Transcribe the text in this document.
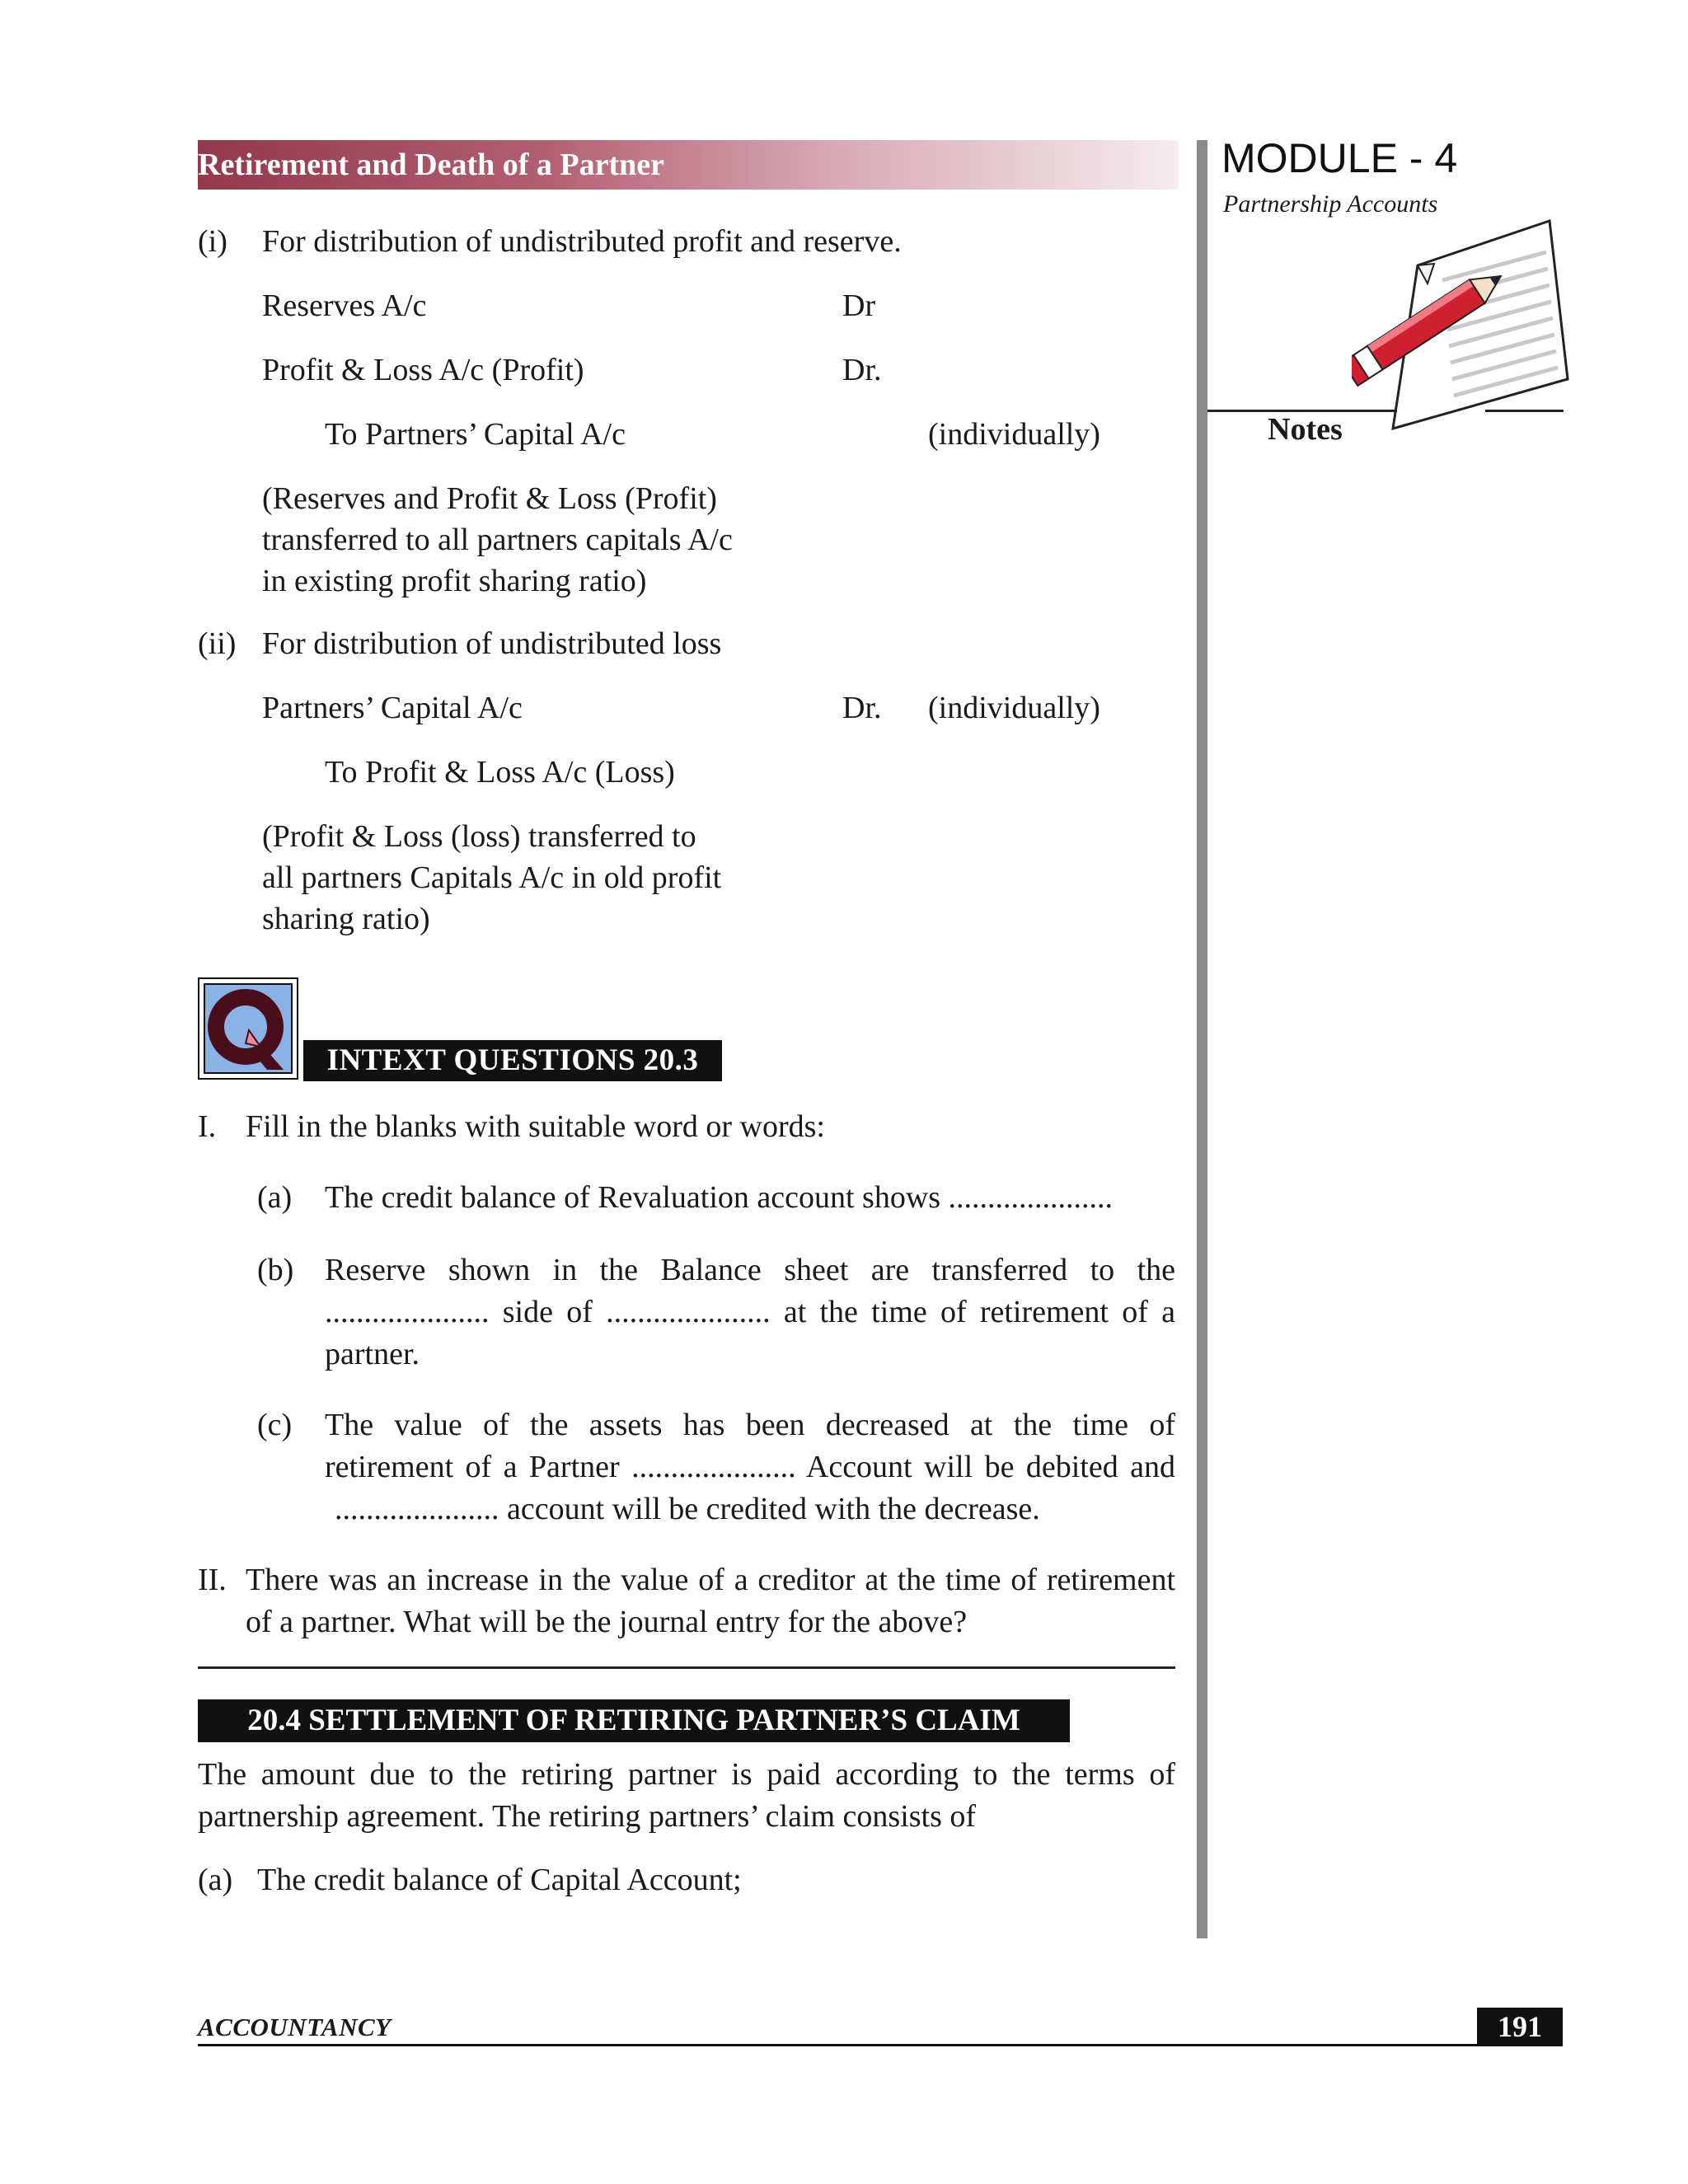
Retirement and Death of a Partner	MODULE - 4
Partnership Accounts
Notes
(i) For distribution of undistributed profit and reserve.
Reserves A/c	Dr
Profit & Loss A/c (Profit)	Dr.
To Partners’ Capital A/c	(individually)
(Reserves and Profit & Loss (Profit)
transferred to all partners capitals A/c
in existing profit sharing ratio)
(ii) For distribution of undistributed loss
Partners’ Capital A/c	Dr. (individually)
To Profit & Loss A/c (Loss)
(Profit & Loss (loss) transferred to
all partners Capitals A/c in old profit
sharing ratio)
INTEXT QUESTIONS 20.3
I. Fill in the blanks with suitable word or words:
(a) The credit balance of Revaluation account shows .....................
(b) Reserve shown in the Balance sheet are transferred to the
..................... side of ..................... at the time of retirement of a
partner.
(c) The value of the assets has been decreased at the time of
retirement of a Partner ..................... Account will be debited and
..................... account will be credited with the decrease.
II. There was an increase in the value of a creditor at the time of retirement
of a partner. What will be the journal entry for the above?
20.4 SETTLEMENT OF RETIRING PARTNER’S CLAIM
The amount due to the retiring partner is paid according to the terms of
partnership agreement. The retiring partners’ claim consists of
(a) The credit balance of Capital Account;
ACCOUNTANCY	191
